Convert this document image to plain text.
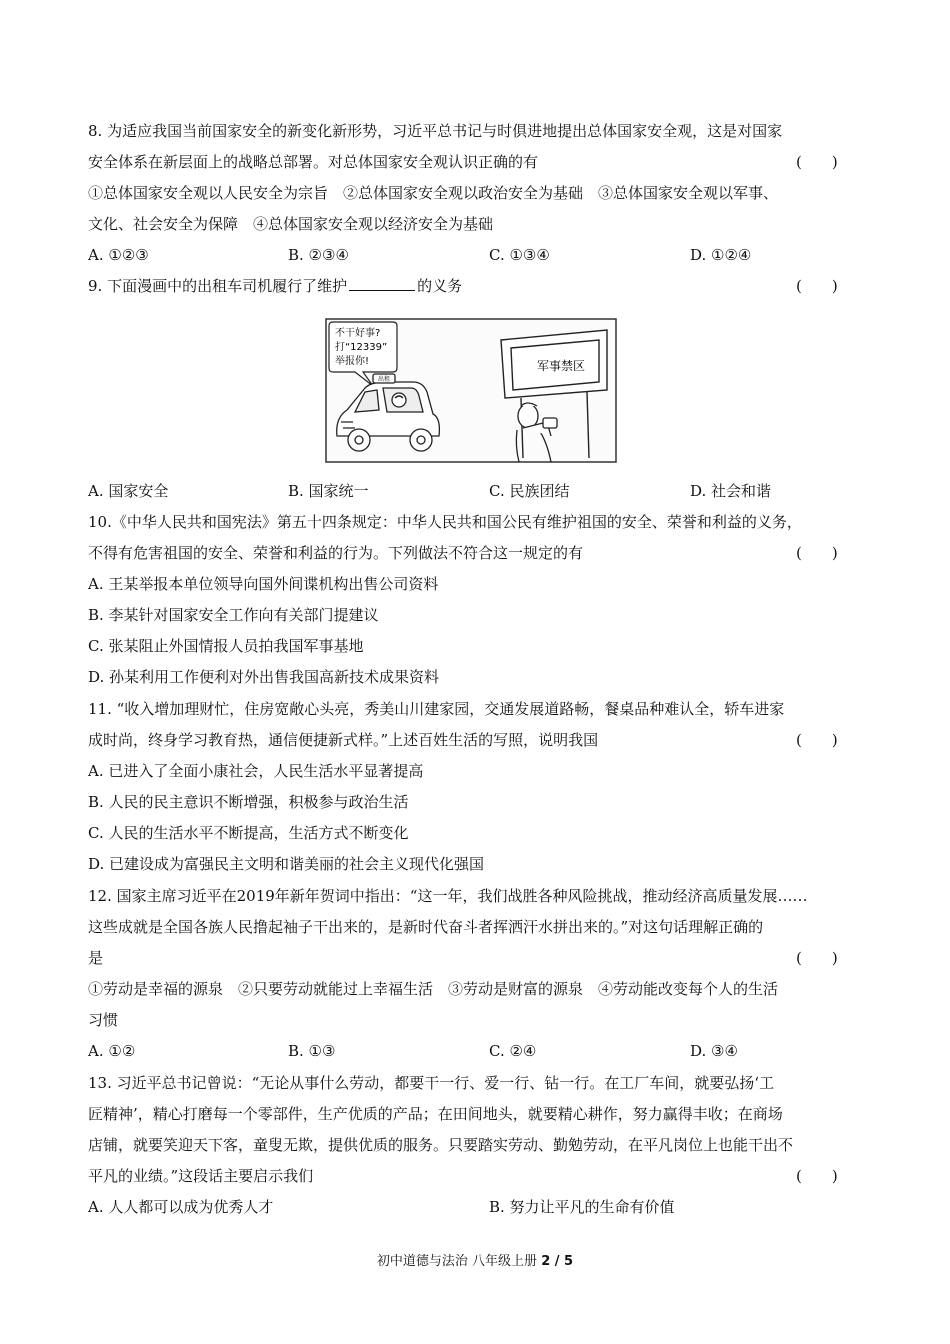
8. 为适应我国当前国家安全的新变化新形势，习近平总书记与时俱进地提出总体国家安全观，这是对国家
安全体系在新层面上的战略总部署。对总体国家安全观认识正确的有	(　　)
①总体国家安全观以人民安全为宗旨　②总体国家安全观以政治安全为基础　③总体国家安全观以军事、
文化、社会安全为保障　④总体国家安全观以经济安全为基础
A. ①②③	B. ②③④	C. ①③④	D. ①②④
9. 下面漫画中的出租车司机履行了维护	的义务	(　　)
不干好事?
打“12339”
举报你!
出租
军事禁区
A. 国家安全	B. 国家统一	C. 民族团结	D. 社会和谐
10.《中华人民共和国宪法》第五十四条规定：中华人民共和国公民有维护祖国的安全、荣誉和利益的义务，
不得有危害祖国的安全、荣誉和利益的行为。下列做法不符合这一规定的有	(　　)
A. 王某举报本单位领导向国外间谍机构出售公司资料
B. 李某针对国家安全工作向有关部门提建议
C. 张某阻止外国情报人员拍我国军事基地
D. 孙某利用工作便利对外出售我国高新技术成果资料
11. “收入增加理财忙，住房宽敞心头亮，秀美山川建家园，交通发展道路畅，餐桌品种难认全，轿车进家
成时尚，终身学习教育热，通信便捷新式样。”上述百姓生活的写照，说明我国	(　　)
A. 已进入了全面小康社会，人民生活水平显著提高
B. 人民的民主意识不断增强，积极参与政治生活
C. 人民的生活水平不断提高，生活方式不断变化
D. 已建设成为富强民主文明和谐美丽的社会主义现代化强国
12. 国家主席习近平在2019年新年贺词中指出：“这一年，我们战胜各种风险挑战，推动经济高质量发展……
这些成就是全国各族人民撸起袖子干出来的，是新时代奋斗者挥洒汗水拼出来的。”对这句话理解正确的
是	(　　)
①劳动是幸福的源泉　②只要劳动就能过上幸福生活　③劳动是财富的源泉　④劳动能改变每个人的生活
习惯
A. ①②	B. ①③	C. ②④	D. ③④
13. 习近平总书记曾说：“无论从事什么劳动，都要干一行、爱一行、钻一行。在工厂车间，就要弘扬‘工
匠精神’，精心打磨每一个零部件，生产优质的产品；在田间地头，就要精心耕作，努力赢得丰收；在商场
店铺，就要笑迎天下客，童叟无欺，提供优质的服务。只要踏实劳动、勤勉劳动，在平凡岗位上也能干出不
平凡的业绩。”这段话主要启示我们	(　　)
A. 人人都可以成为优秀人才	B. 努力让平凡的生命有价值
初中道德与法治 八年级上册 2 / 5
